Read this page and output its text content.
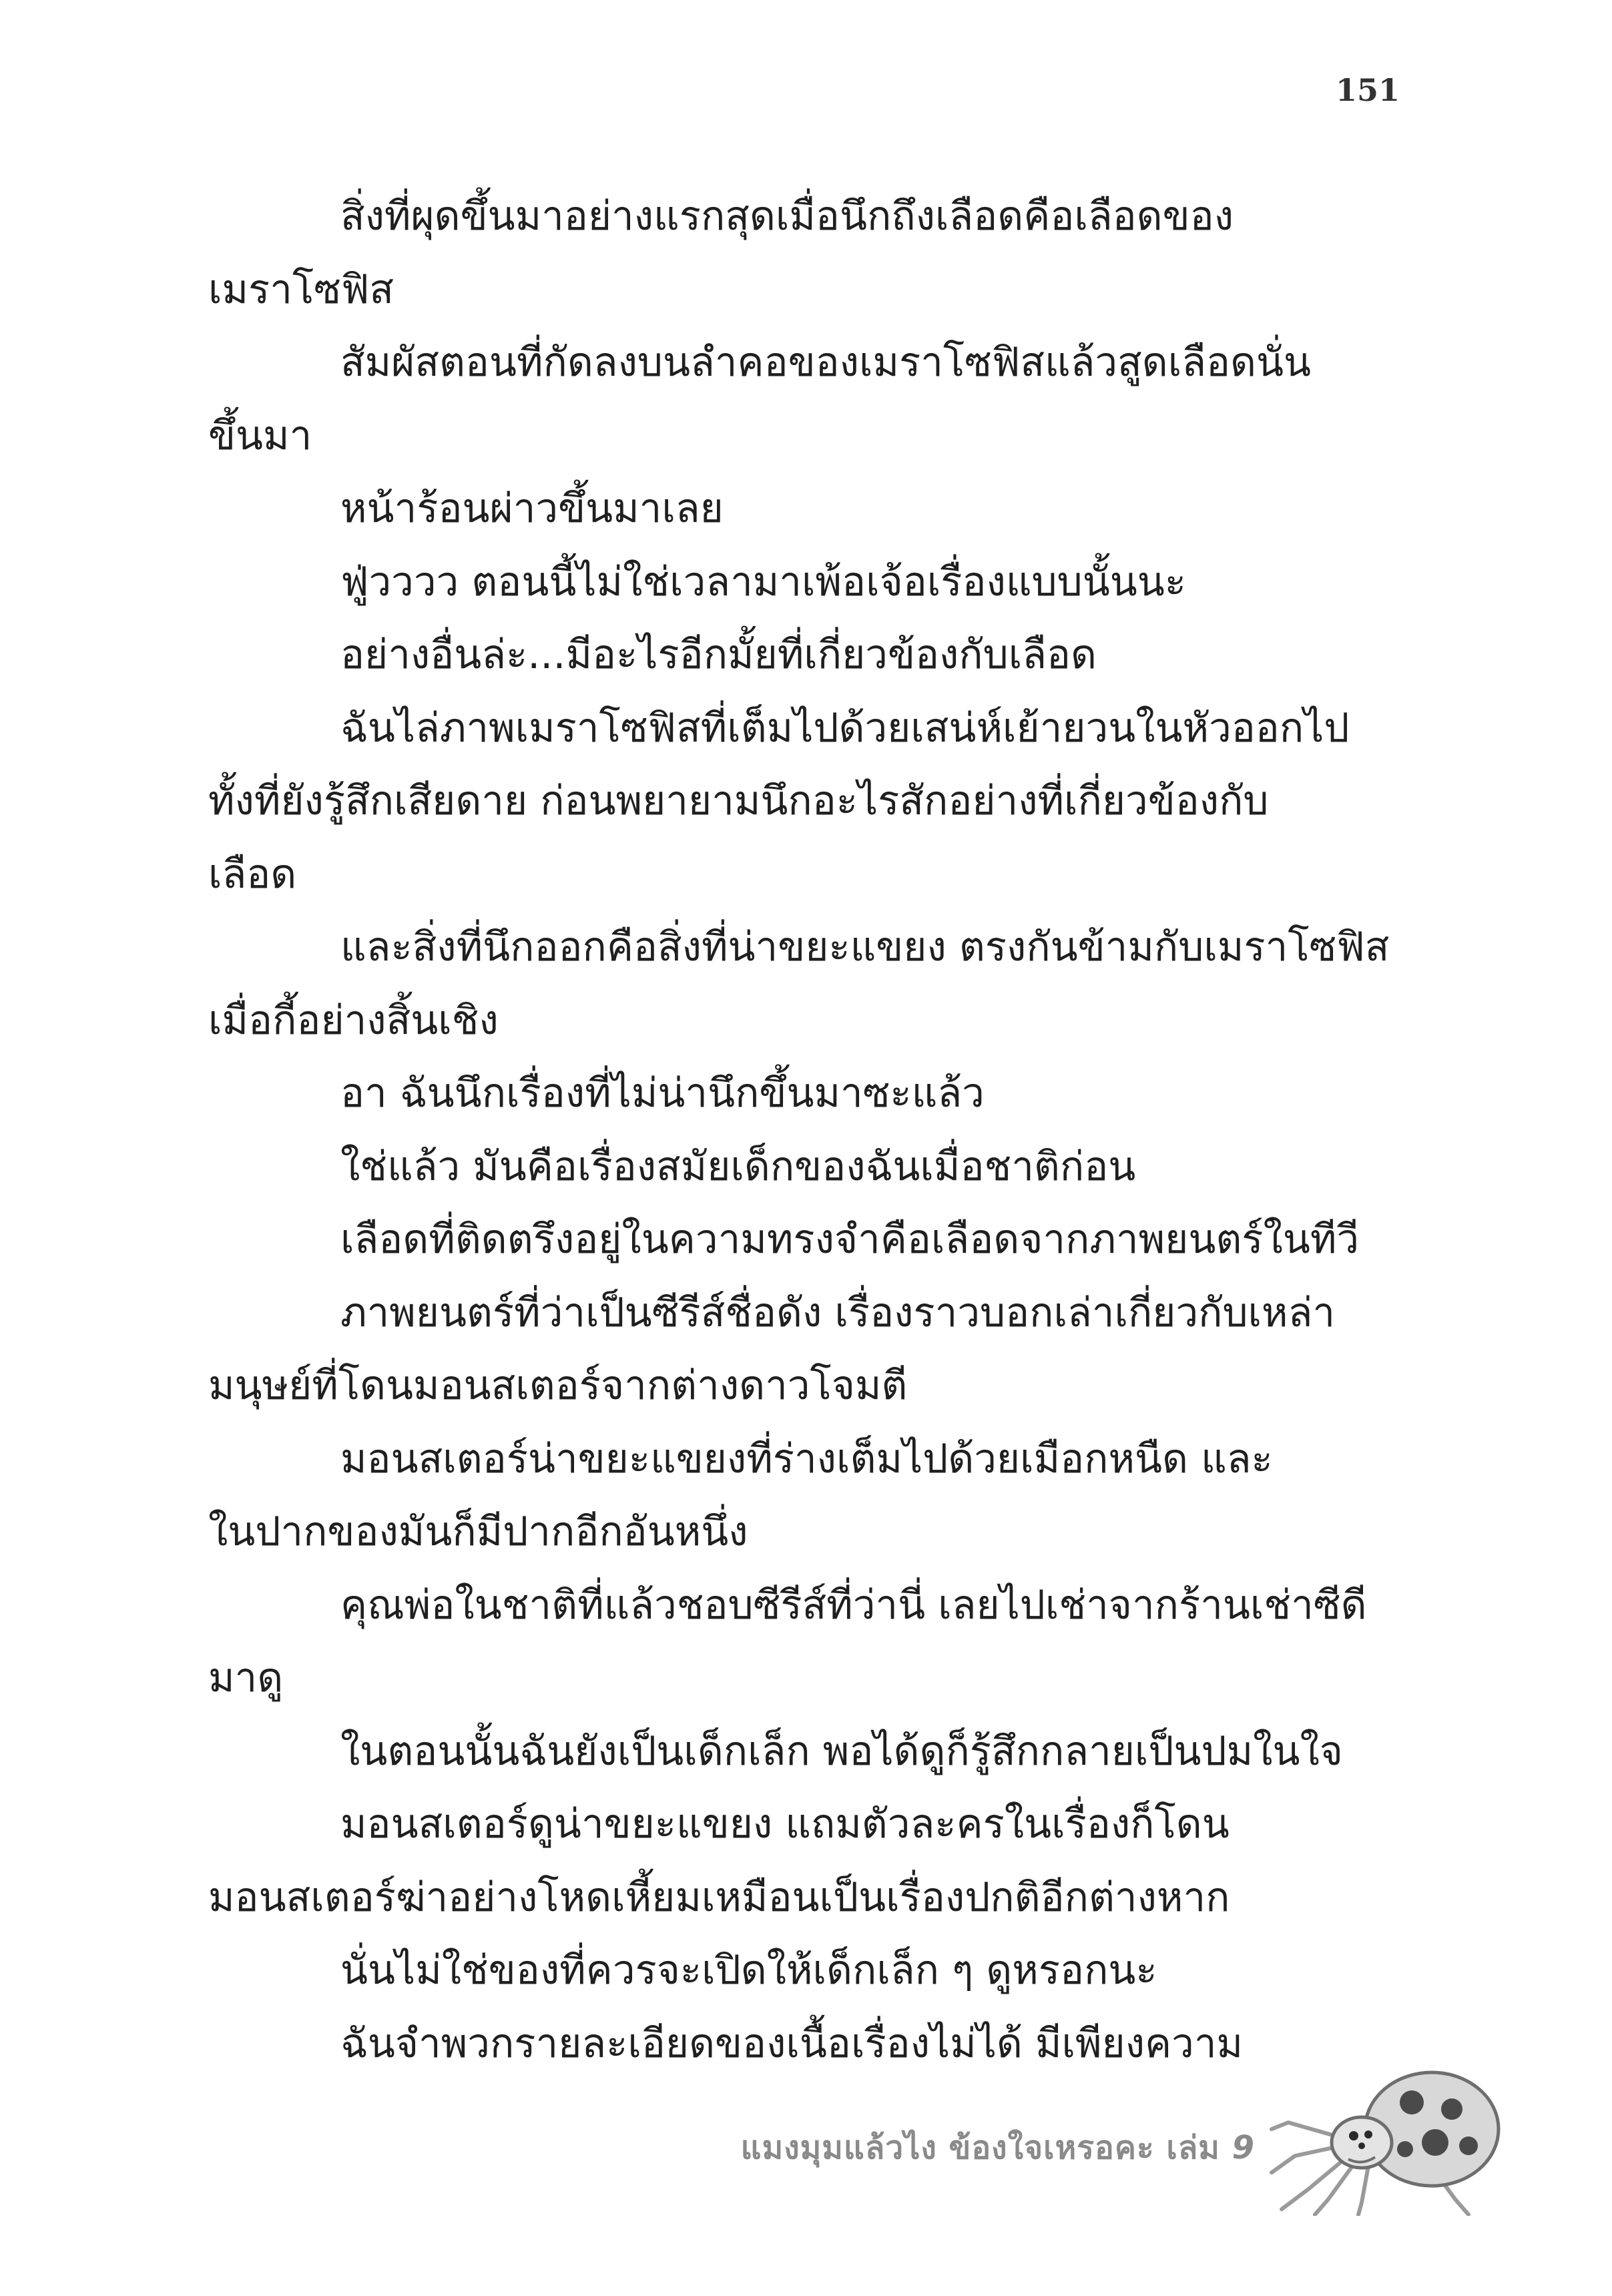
151
สิ่งที่ผุดขึ้นมาอย่างแรกสุดเมื่อนึกถึงเลือดคือเลือดของ
เมราโซฟิส
สัมผัสตอนที่กัดลงบนลำคอของเมราโซฟิสแล้วสูดเลือดนั่น
ขึ้นมา
หน้าร้อนผ่าวขึ้นมาเลย
ฟู่วววว ตอนนี้ไม่ใช่เวลามาเพ้อเจ้อเรื่องแบบนั้นนะ
อย่างอื่นล่ะ...มีอะไรอีกมั้ยที่เกี่ยวข้องกับเลือด
ฉันไล่ภาพเมราโซฟิสที่เต็มไปด้วยเสน่ห์เย้ายวนในหัวออกไป
ทั้งที่ยังรู้สึกเสียดาย ก่อนพยายามนึกอะไรสักอย่างที่เกี่ยวข้องกับ
เลือด
และสิ่งที่นึกออกคือสิ่งที่น่าขยะแขยง ตรงกันข้ามกับเมราโซฟิส
เมื่อกี้อย่างสิ้นเชิง
อา ฉันนึกเรื่องที่ไม่น่านึกขึ้นมาซะแล้ว
ใช่แล้ว มันคือเรื่องสมัยเด็กของฉันเมื่อชาติก่อน
เลือดที่ติดตรึงอยู่ในความทรงจำคือเลือดจากภาพยนตร์ในทีวี
ภาพยนตร์ที่ว่าเป็นซีรีส์ชื่อดัง เรื่องราวบอกเล่าเกี่ยวกับเหล่า
มนุษย์ที่โดนมอนสเตอร์จากต่างดาวโจมตี
มอนสเตอร์น่าขยะแขยงที่ร่างเต็มไปด้วยเมือกหนืด และ
ในปากของมันก็มีปากอีกอันหนึ่ง
คุณพ่อในชาติที่แล้วชอบซีรีส์ที่ว่านี่ เลยไปเช่าจากร้านเช่าซีดี
มาดู
ในตอนนั้นฉันยังเป็นเด็กเล็ก พอได้ดูก็รู้สึกกลายเป็นปมในใจ
มอนสเตอร์ดูน่าขยะแขยง แถมตัวละครในเรื่องก็โดน
มอนสเตอร์ฆ่าอย่างโหดเหี้ยมเหมือนเป็นเรื่องปกติอีกต่างหาก
นั่นไม่ใช่ของที่ควรจะเปิดให้เด็กเล็ก ๆ ดูหรอกนะ
ฉันจำพวกรายละเอียดของเนื้อเรื่องไม่ได้ มีเพียงความ
แมงมุมแล้วไง ข้องใจเหรอคะ เล่ม 9
